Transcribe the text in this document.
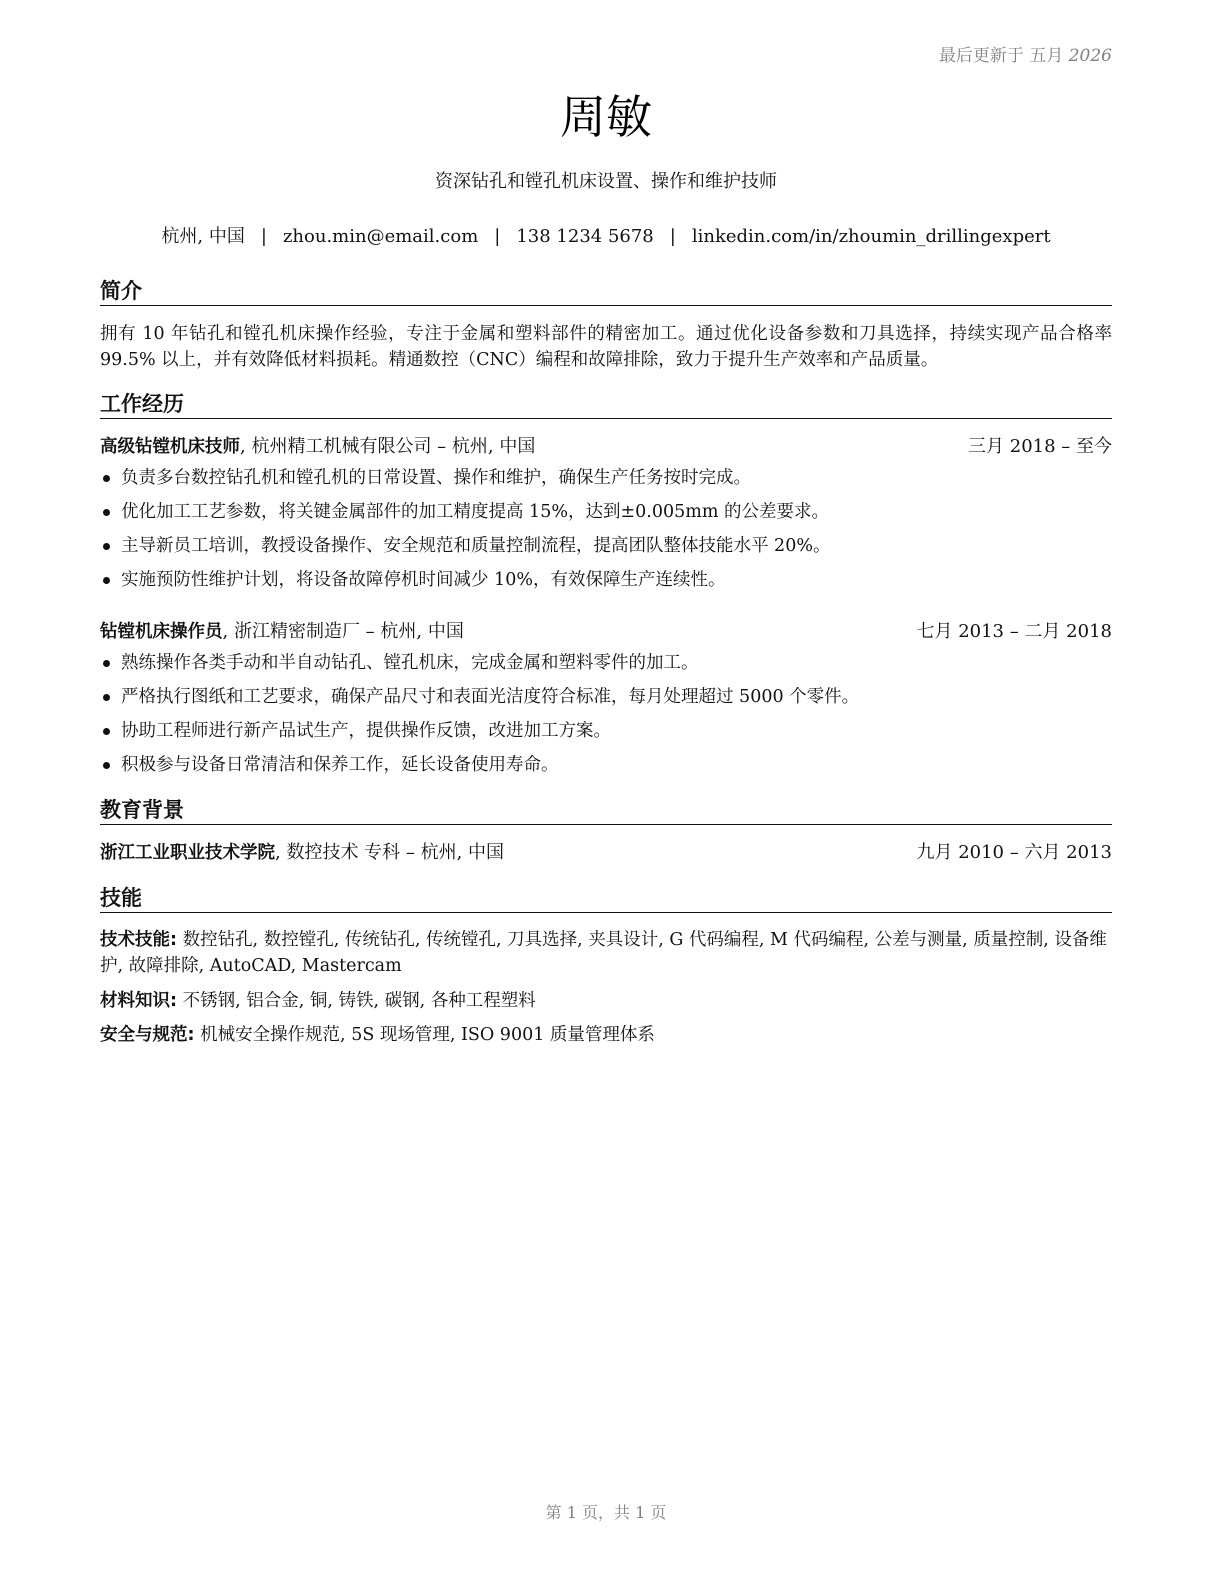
最后更新于 五月 2026
周敏
资深钻孔和镗孔机床设置、操作和维护技师
杭州, 中国 | zhou.min@email.com | 138 1234 5678 | linkedin.com/in/zhoumin_drillingexpert
简介
拥有 10 年钻孔和镗孔机床操作经验，专注于金属和塑料部件的精密加工。通过优化设备参数和刀具选择，持续实现产品合格率 99.5% 以上，并有效降低材料损耗。精通数控（CNC）编程和故障排除，致力于提升生产效率和产品质量。
工作经历
高级钻镗机床技师, 杭州精工机械有限公司 – 杭州, 中国	三月 2018 – 至今
负责多台数控钻孔机和镗孔机的日常设置、操作和维护，确保生产任务按时完成。
优化加工工艺参数，将关键金属部件的加工精度提高 15%，达到±0.005mm 的公差要求。
主导新员工培训，教授设备操作、安全规范和质量控制流程，提高团队整体技能水平 20%。
实施预防性维护计划，将设备故障停机时间减少 10%，有效保障生产连续性。
钻镗机床操作员, 浙江精密制造厂 – 杭州, 中国	七月 2013 – 二月 2018
熟练操作各类手动和半自动钻孔、镗孔机床，完成金属和塑料零件的加工。
严格执行图纸和工艺要求，确保产品尺寸和表面光洁度符合标准，每月处理超过 5000 个零件。
协助工程师进行新产品试生产，提供操作反馈，改进加工方案。
积极参与设备日常清洁和保养工作，延长设备使用寿命。
教育背景
浙江工业职业技术学院, 数控技术 专科 – 杭州, 中国	九月 2010 – 六月 2013
技能
技术技能: 数控钻孔, 数控镗孔, 传统钻孔, 传统镗孔, 刀具选择, 夹具设计, G 代码编程, M 代码编程, 公差与测量, 质量控制, 设备维护, 故障排除, AutoCAD, Mastercam
材料知识: 不锈钢, 铝合金, 铜, 铸铁, 碳钢, 各种工程塑料
安全与规范: 机械安全操作规范, 5S 现场管理, ISO 9001 质量管理体系
第 1 页，共 1 页
